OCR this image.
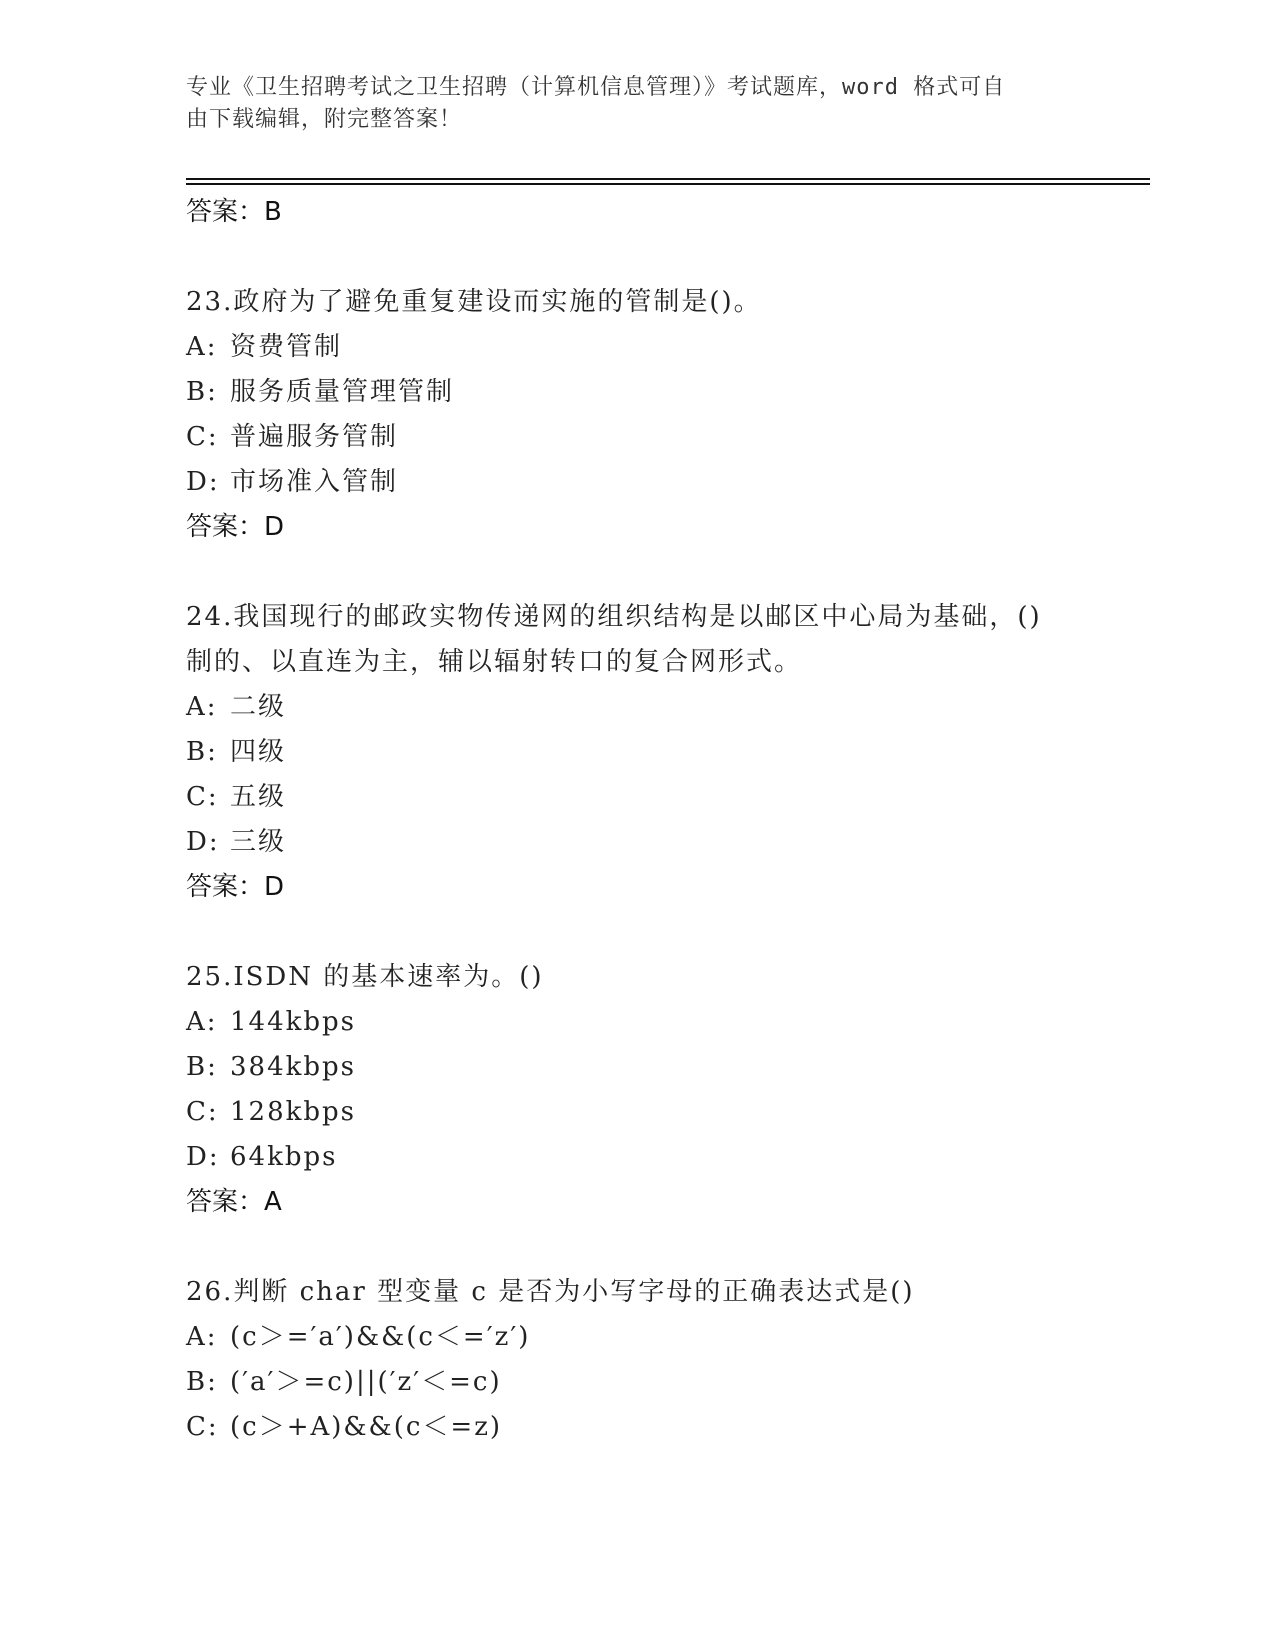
专业《卫生招聘考试之卫生招聘（计算机信息管理）》考试题库，word 格式可自
由下载编辑，附完整答案！
答案：B
23.政府为了避免重复建设而实施的管制是()。
A: 资费管制
B: 服务质量管理管制
C: 普遍服务管制
D: 市场准入管制
答案：D
24.我国现行的邮政实物传递网的组织结构是以邮区中心局为基础，()
制的、以直连为主，辅以辐射转口的复合网形式。
A: 二级
B: 四级
C: 五级
D: 三级
答案：D
25.ISDN 的基本速率为。()
A: 144kbps
B: 384kbps
C: 128kbps
D: 64kbps
答案：A
26.判断 char 型变量 c 是否为小写字母的正确表达式是()
A: (c＞=′a′)&&(c＜=′z′)
B: (′a′＞=c)||(′z′＜=c)
C: (c＞+A)&&(c＜=z)
